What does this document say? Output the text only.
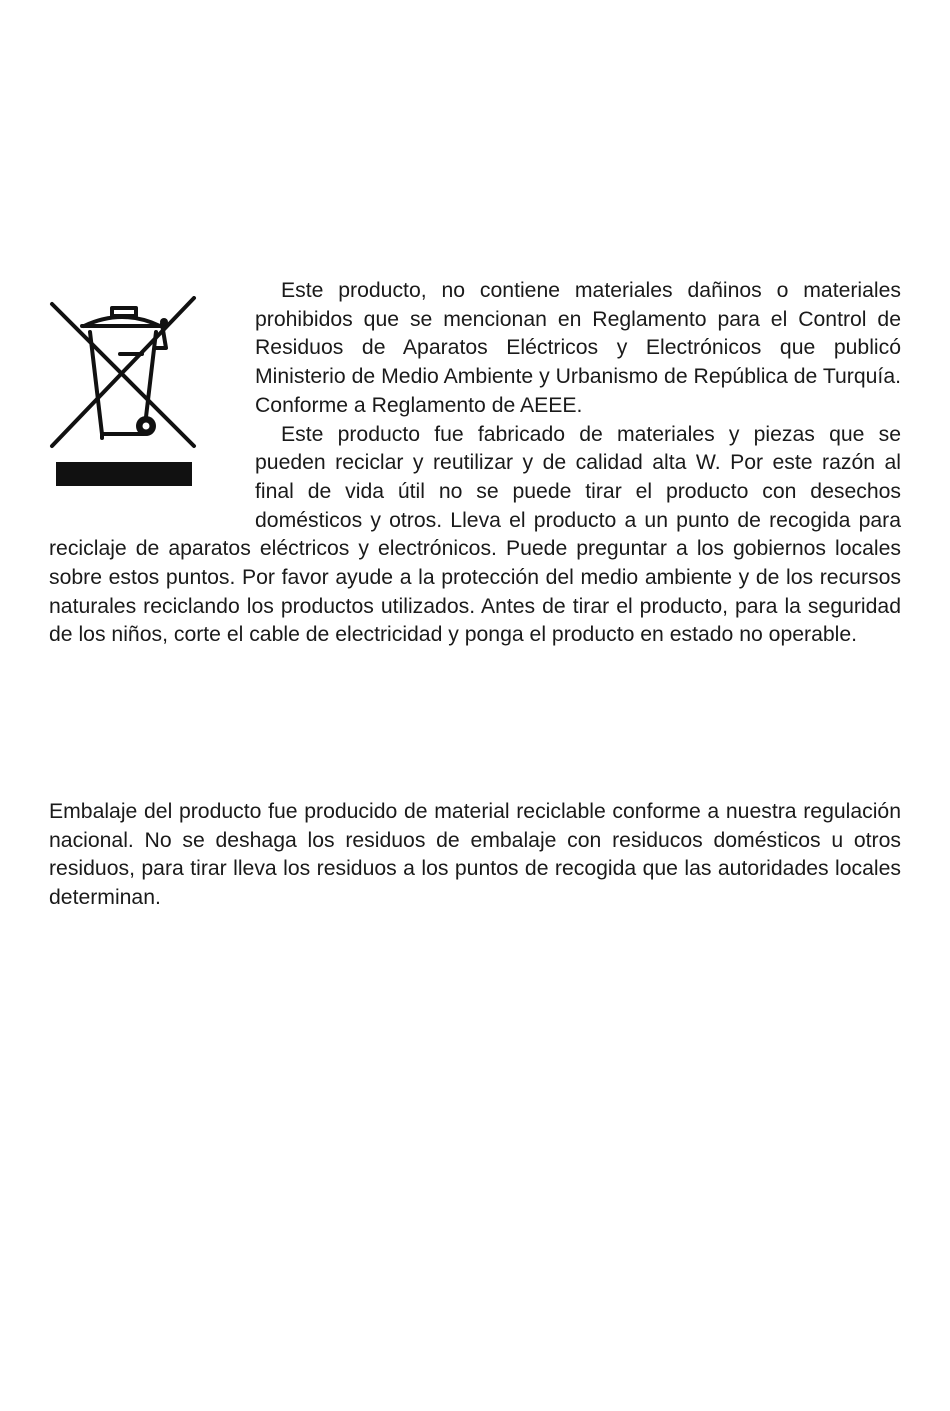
Este producto, no contiene materiales dañinos o materiales prohibidos que se mencionan en Reglamento para el Control de Residuos de Aparatos Eléctricos y Electrónicos que publicó Ministerio de Medio Ambiente y Urbanismo de República de Turquía. Conforme a Reglamento de AEEE.

Este producto fue fabricado de materiales y piezas que se pueden reciclar y reutilizar y de calidad alta W. Por este razón al final de vida útil no se puede tirar el producto con desechos domésticos y otros. Lleva el producto a un punto de recogida para reciclaje de aparatos eléctricos y electrónicos. Puede preguntar a los gobiernos locales sobre estos puntos. Por favor ayude a la protección del medio ambiente y de los recursos naturales reciclando los productos utilizados. Antes de tirar el producto, para la seguridad de los niños, corte el cable de electricidad y ponga el producto en estado no operable.

Embalaje del producto fue producido de material reciclable conforme a nuestra regulación nacional. No se deshaga los residuos de embalaje con residucos domésticos u otros residuos, para tirar lleva los residuos a los puntos de recogida que las autoridades locales determinan.
